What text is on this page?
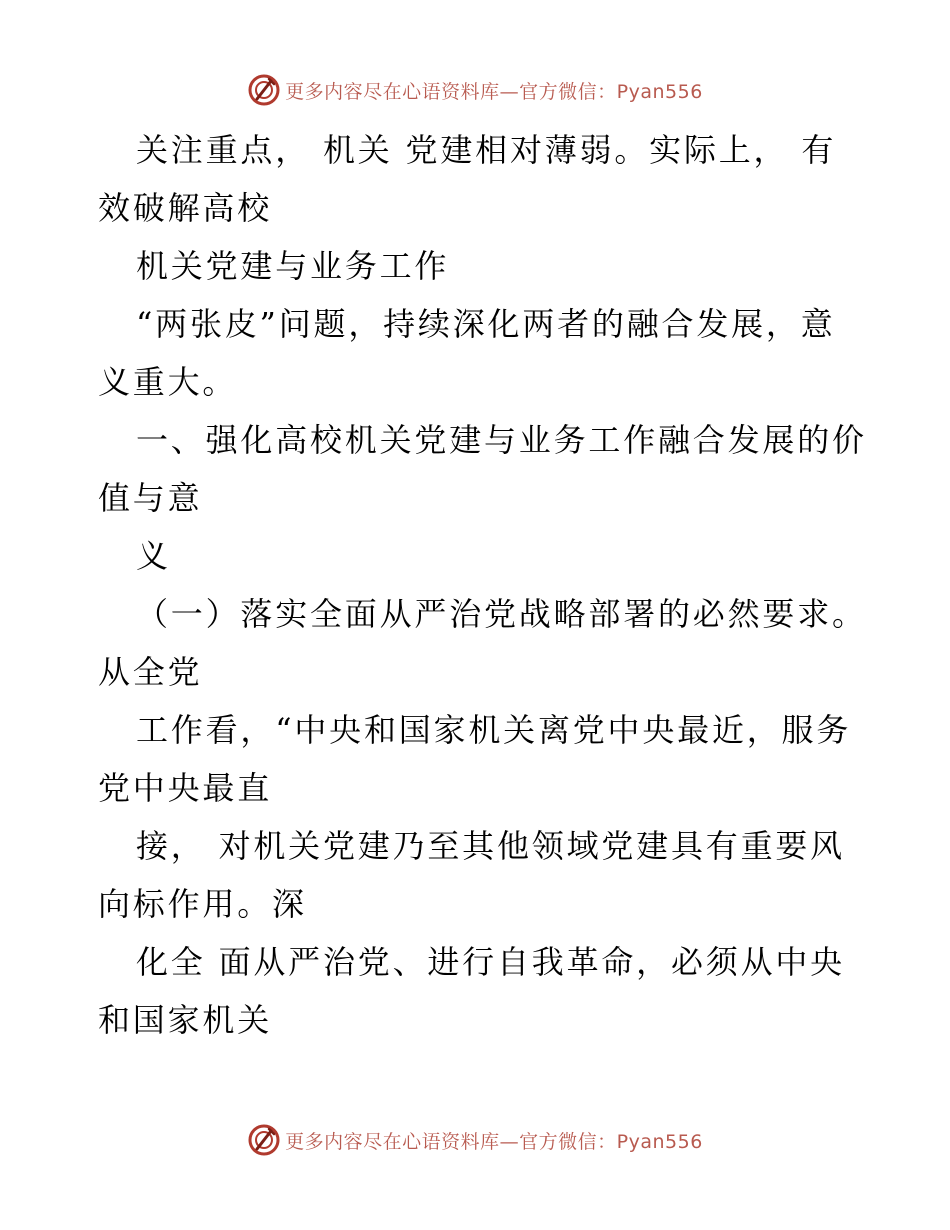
更多内容尽在心语资料库—官方微信：Pyan556
关注重点， 机关 党建相对薄弱。实际上， 有
效破解高校
机关党建与业务工作
“两张皮”问题，持续深化两者的融合发展，意
义重大。
一、强化高校机关党建与业务工作融合发展的价
值与意
义
（一）落实全面从严治党战略部署的必然要求。
从全党
工作看，“中央和国家机关离党中央最近，服务
党中央最直
接， 对机关党建乃至其他领域党建具有重要风
向标作用。深
化全 面从严治党、进行自我革命，必须从中央
和国家机关
更多内容尽在心语资料库—官方微信：Pyan556
